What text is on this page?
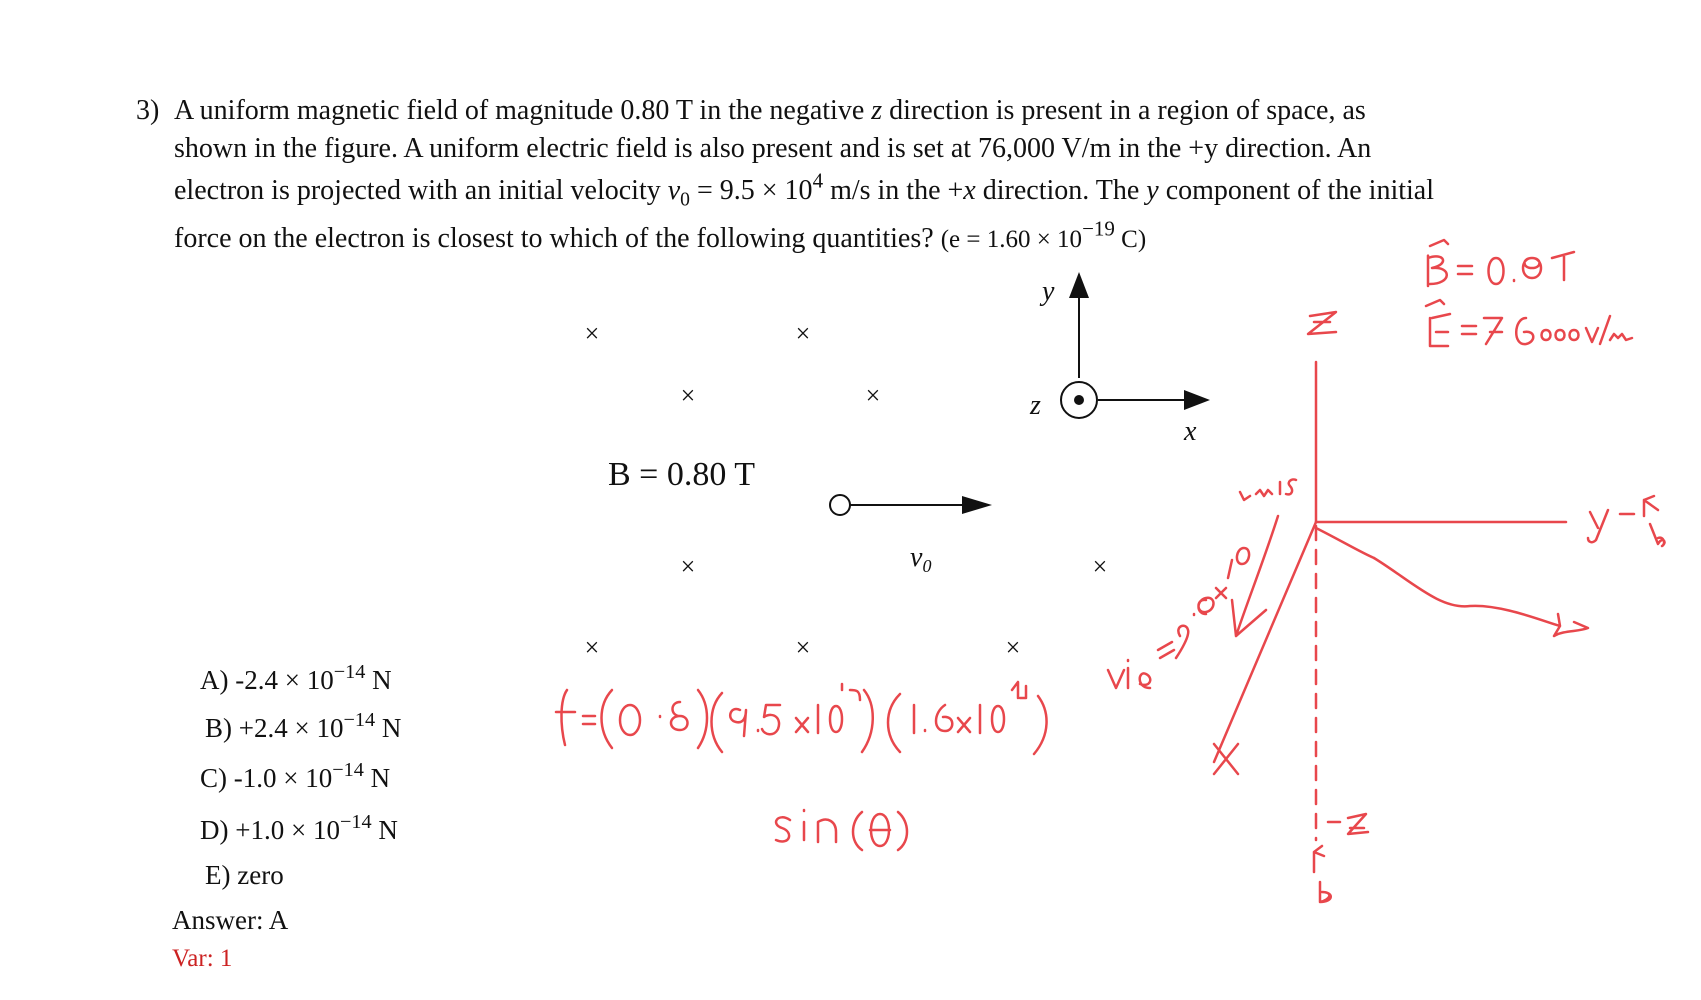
3) A uniform magnetic field of magnitude 0.80 T in the negative z direction is present in a region of space, as
shown in the figure. A uniform electric field is also present and is set at 76,000 V/m in the +y direction. An
electron is projected with an initial velocity $v_0 = 9.5 \times 10^4$ m/s in the +x direction. The y component of the initial
force on the electron is closest to which of the following quantities? ($e = 1.60 \times 10^{-19}$ C)
×	×
×	×
×	×
×	×	×
B = 0.80 T
y
z
x
$v_0$
A) $-2.4 \times 10^{-14}$ N
$B) +2.4 \times 10^{-14}$ N
C) $-1.0 \times 10^{-14}$ N
$D) +1.0 \times 10^{-14}$ N
E) zero
Answer: A
Var: 1
